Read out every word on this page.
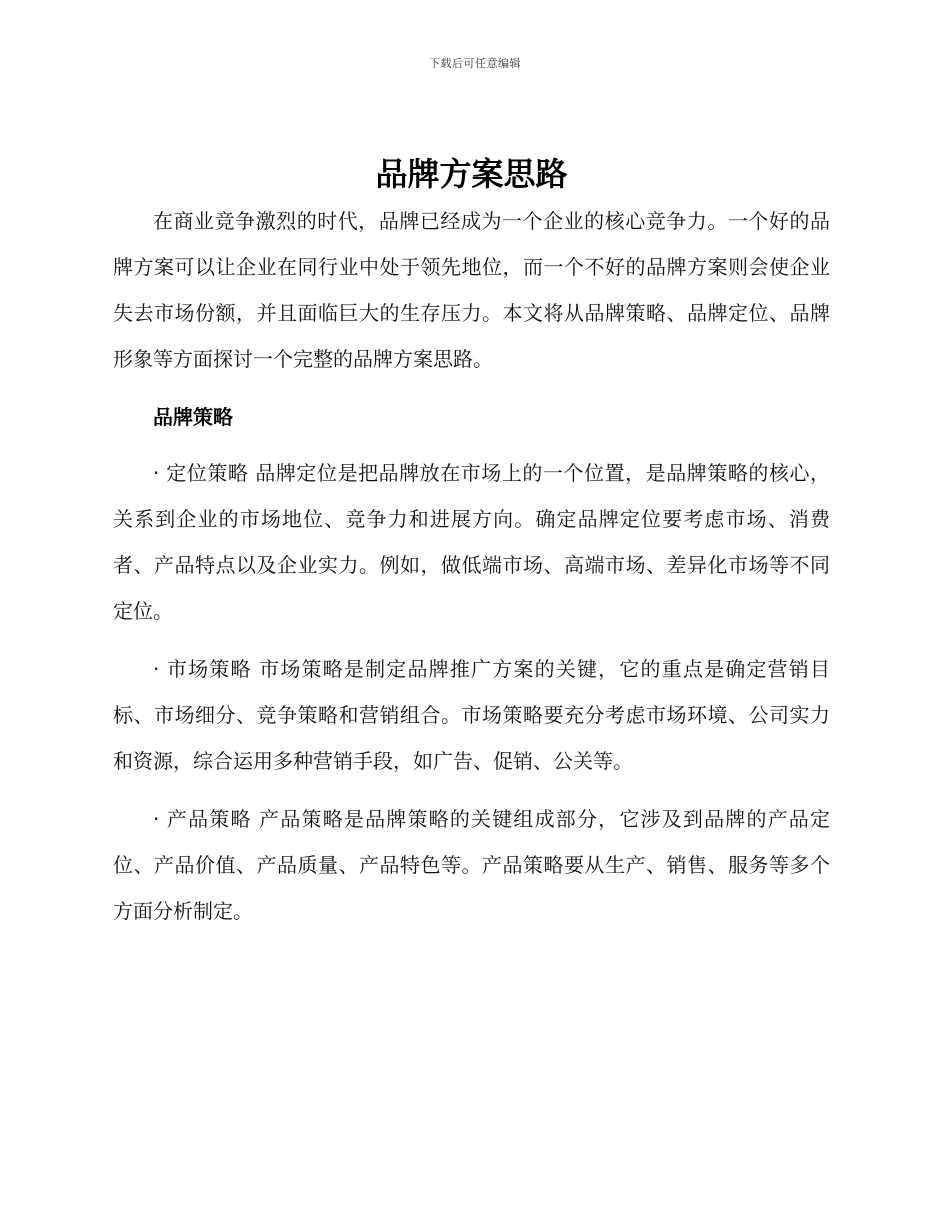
下载后可任意编辑
品牌方案思路

在商业竞争激烈的时代，品牌已经成为一个企业的核心竞争力。一个好的品牌方案可以让企业在同行业中处于领先地位，而一个不好的品牌方案则会使企业失去市场份额，并且面临巨大的生存压力。本文将从品牌策略、品牌定位、品牌形象等方面探讨一个完整的品牌方案思路。

品牌策略

· 定位策略 品牌定位是把品牌放在市场上的一个位置，是品牌策略的核心，关系到企业的市场地位、竞争力和进展方向。确定品牌定位要考虑市场、消费者、产品特点以及企业实力。例如，做低端市场、高端市场、差异化市场等不同定位。

· 市场策略 市场策略是制定品牌推广方案的关键，它的重点是确定营销目标、市场细分、竞争策略和营销组合。市场策略要充分考虑市场环境、公司实力和资源，综合运用多种营销手段，如广告、促销、公关等。

· 产品策略 产品策略是品牌策略的关键组成部分，它涉及到品牌的产品定位、产品价值、产品质量、产品特色等。产品策略要从生产、销售、服务等多个方面分析制定。
